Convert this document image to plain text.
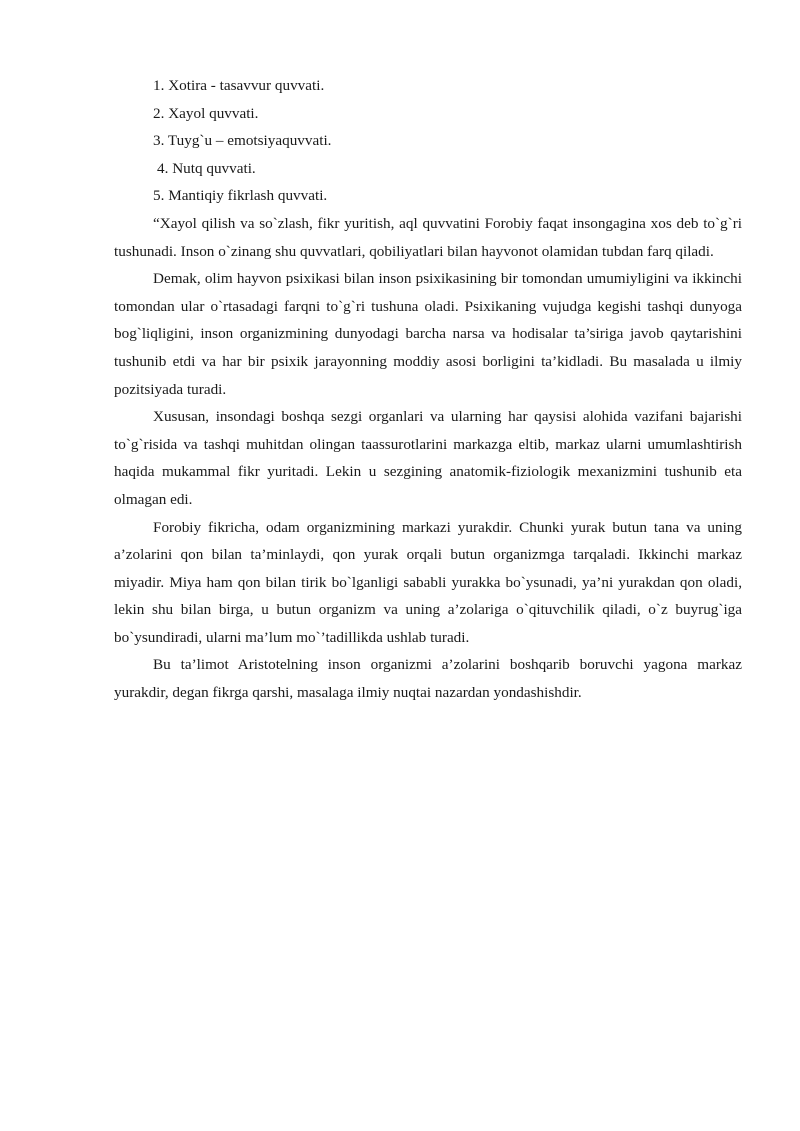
1. Xotira - tasavvur quvvati.

2. Xayol quvvati.

3. Tuyg`u – emotsiyaquvvati.

4. Nutq quvvati.

5. Mantiqiy fikrlash quvvati.

“Xayol qilish va so`zlash, fikr yuritish, aql quvvatini Forobiy faqat insongagina xos deb to`g`ri tushunadi. Inson o`zinang shu quvvatlari, qobiliyatlari bilan hayvonot olamidan tubdan farq qiladi.

Demak, olim hayvon psixikasi bilan inson psixikasining bir tomondan umumiyligini va ikkinchi tomondan ular o`rtasadagi farqni to`g`ri tushuna oladi. Psixikaning vujudga kegishi tashqi dunyoga bog`liqligini, inson organizmining dunyodagi barcha narsa va hodisalar ta’siriga javob qaytarishini tushunib etdi va har bir psixik jarayonning moddiy asosi borligini ta’kidladi. Bu masalada u ilmiy pozitsiyada turadi.

Xususan, insondagi boshqa sezgi organlari va ularning har qaysisi alohida vazifani bajarishi to`g`risida va tashqi muhitdan olingan taassurotlarini markazga eltib, markaz ularni umumlashtirish haqida mukammal fikr yuritadi. Lekin u sezgining anatomik-fiziologik mexanizmini tushunib eta olmagan edi.

Forobiy fikricha, odam organizmining markazi yurakdir. Chunki yurak butun tana va uning a’zolarini qon bilan ta’minlaydi, qon yurak orqali butun organizmga tarqaladi. Ikkinchi markaz miyadir. Miya ham qon bilan tirik bo`lganligi sababli yurakka bo`ysunadi, ya’ni yurakdan qon oladi, lekin shu bilan birga, u butun organizm va uning a’zolariga o`qituvchilik qiladi, o`z buyrug`iga bo`ysundiradi, ularni ma’lum mo`’tadillikda ushlab turadi.

Bu ta’limot Aristotelning inson organizmi a’zolarini boshqarib boruvchi yagona markaz yurakdir, degan fikrga qarshi, masalaga ilmiy nuqtai nazardan yondashishdir.
